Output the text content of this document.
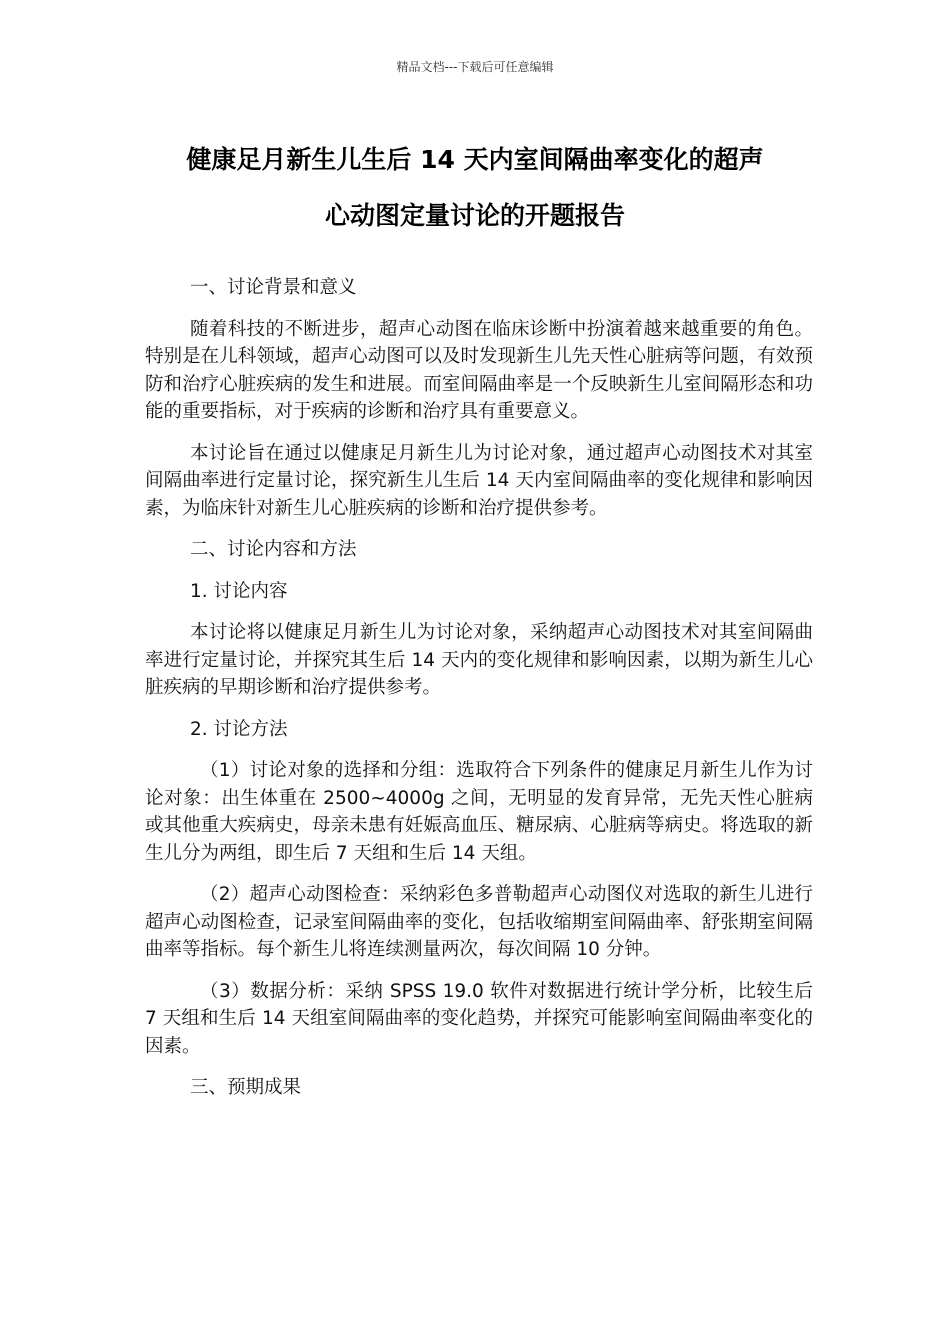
精品文档---下载后可任意编辑
健康足月新生儿生后 14 天内室间隔曲率变化的超声
心动图定量讨论的开题报告
一、讨论背景和意义

随着科技的不断进步，超声心动图在临床诊断中扮演着越来越重要的角色。特别是在儿科领域，超声心动图可以及时发现新生儿先天性心脏病等问题，有效预防和治疗心脏疾病的发生和进展。而室间隔曲率是一个反映新生儿室间隔形态和功能的重要指标，对于疾病的诊断和治疗具有重要意义。

本讨论旨在通过以健康足月新生儿为讨论对象，通过超声心动图技术对其室间隔曲率进行定量讨论，探究新生儿生后 14 天内室间隔曲率的变化规律和影响因素，为临床针对新生儿心脏疾病的诊断和治疗提供参考。

二、讨论内容和方法
1. 讨论内容

本讨论将以健康足月新生儿为讨论对象，采纳超声心动图技术对其室间隔曲率进行定量讨论，并探究其生后 14 天内的变化规律和影响因素，以期为新生儿心脏疾病的早期诊断和治疗提供参考。

2. 讨论方法

（1）讨论对象的选择和分组：选取符合下列条件的健康足月新生儿作为讨论对象：出生体重在 2500~4000g 之间，无明显的发育异常，无先天性心脏病或其他重大疾病史，母亲未患有妊娠高血压、糖尿病、心脏病等病史。将选取的新生儿分为两组，即生后 7 天组和生后 14 天组。

（2）超声心动图检查：采纳彩色多普勒超声心动图仪对选取的新生儿进行超声心动图检查，记录室间隔曲率的变化，包括收缩期室间隔曲率、舒张期室间隔曲率等指标。每个新生儿将连续测量两次，每次间隔 10 分钟。

（3）数据分析：采纳 SPSS 19.0 软件对数据进行统计学分析，比较生后 7 天组和生后 14 天组室间隔曲率的变化趋势，并探究可能影响室间隔曲率变化的因素。

三、预期成果
